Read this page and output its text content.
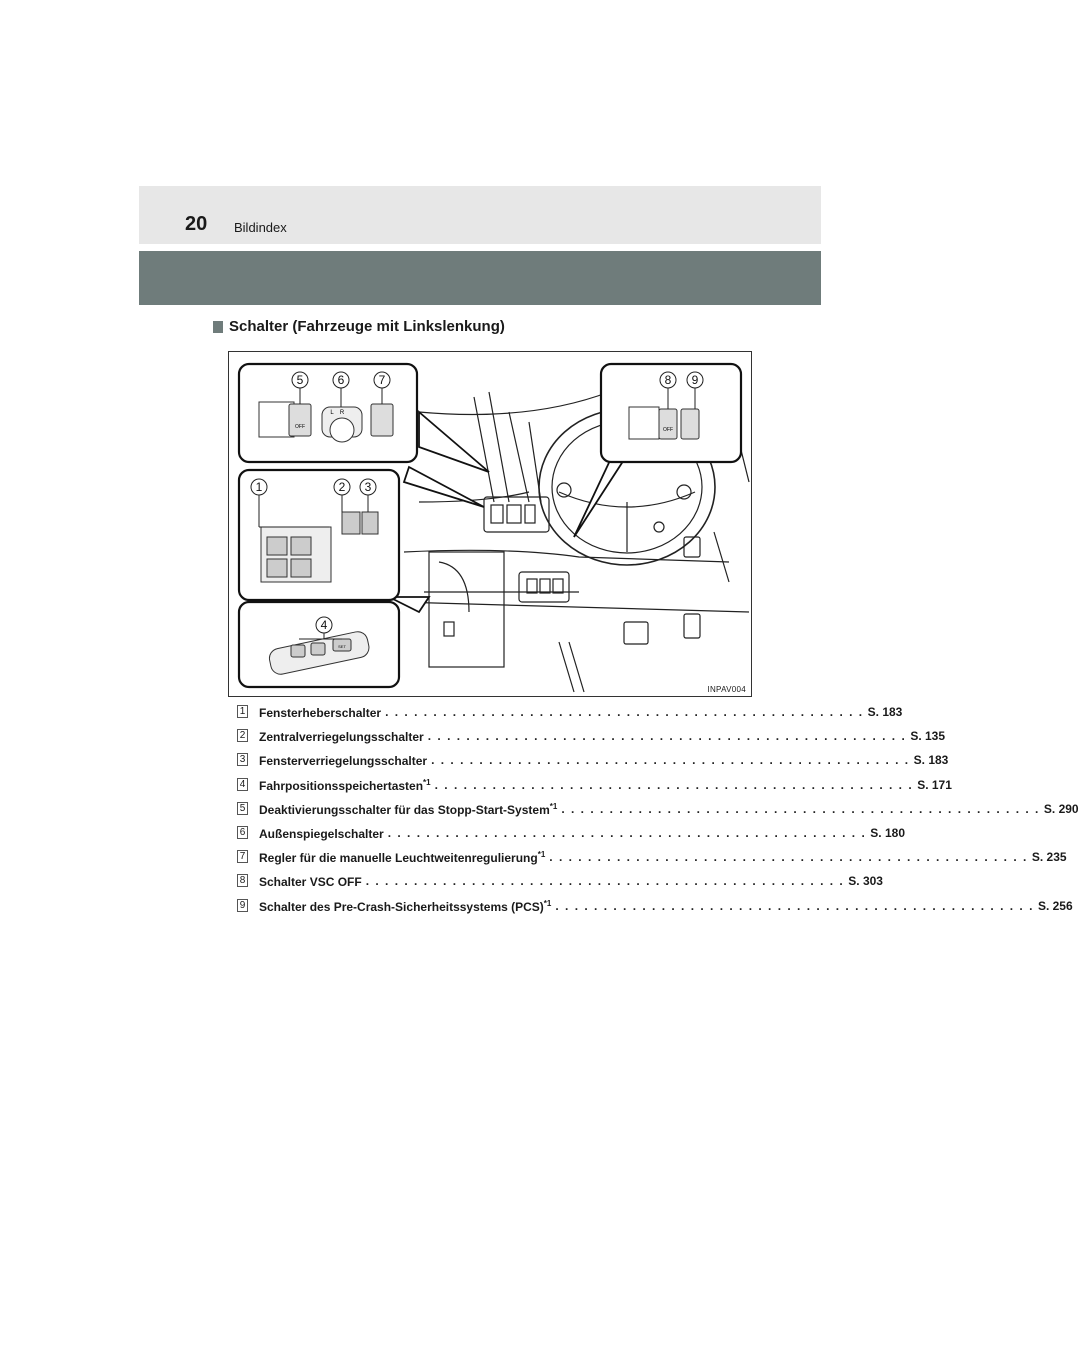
20 Bildindex
Schalter (Fahrzeuge mit Linkslenkung)
OFF
L R
OFF
SET
5	6	7	8 9
1	2 3
4
INPAV004
1 Fensterheberschalter . . . . . . . . . . . . . . . . . . . . . . . . . . . . . . . . . . . . . . . . . . . . . . . . . . S. 183
2 Zentralverriegelungsschalter . . . . . . . . . . . . . . . . . . . . . . . . . . . . . . . . . . . . . . . . . . . . . . . . . . S. 135
3 Fensterverriegelungsschalter . . . . . . . . . . . . . . . . . . . . . . . . . . . . . . . . . . . . . . . . . . . . . . . . . . S. 183
4 Fahrpositionsspeichertasten$^{*1}$ . . . . . . . . . . . . . . . . . . . . . . . . . . . . . . . . . . . . . . . . . . . . . . . . . . S. 171
5 Deaktivierungsschalter für das Stopp-Start-System$^{*1}$ . . . . . . . . . . . . . . . . . . . . . . . . . . . . . . . . . . . . . . . . . . . . . . . . . . S. 290
6 Außenspiegelschalter . . . . . . . . . . . . . . . . . . . . . . . . . . . . . . . . . . . . . . . . . . . . . . . . . . S. 180
7 Regler für die manuelle Leuchtweitenregulierung$^{*1}$ . . . . . . . . . . . . . . . . . . . . . . . . . . . . . . . . . . . . . . . . . . . . . . . . . . S. 235
8 Schalter VSC OFF . . . . . . . . . . . . . . . . . . . . . . . . . . . . . . . . . . . . . . . . . . . . . . . . . . S. 303
9 Schalter des Pre-Crash-Sicherheitssystems (PCS)$^{*1}$ . . . . . . . . . . . . . . . . . . . . . . . . . . . . . . . . . . . . . . . . . . . . . . . . . . S. 256
